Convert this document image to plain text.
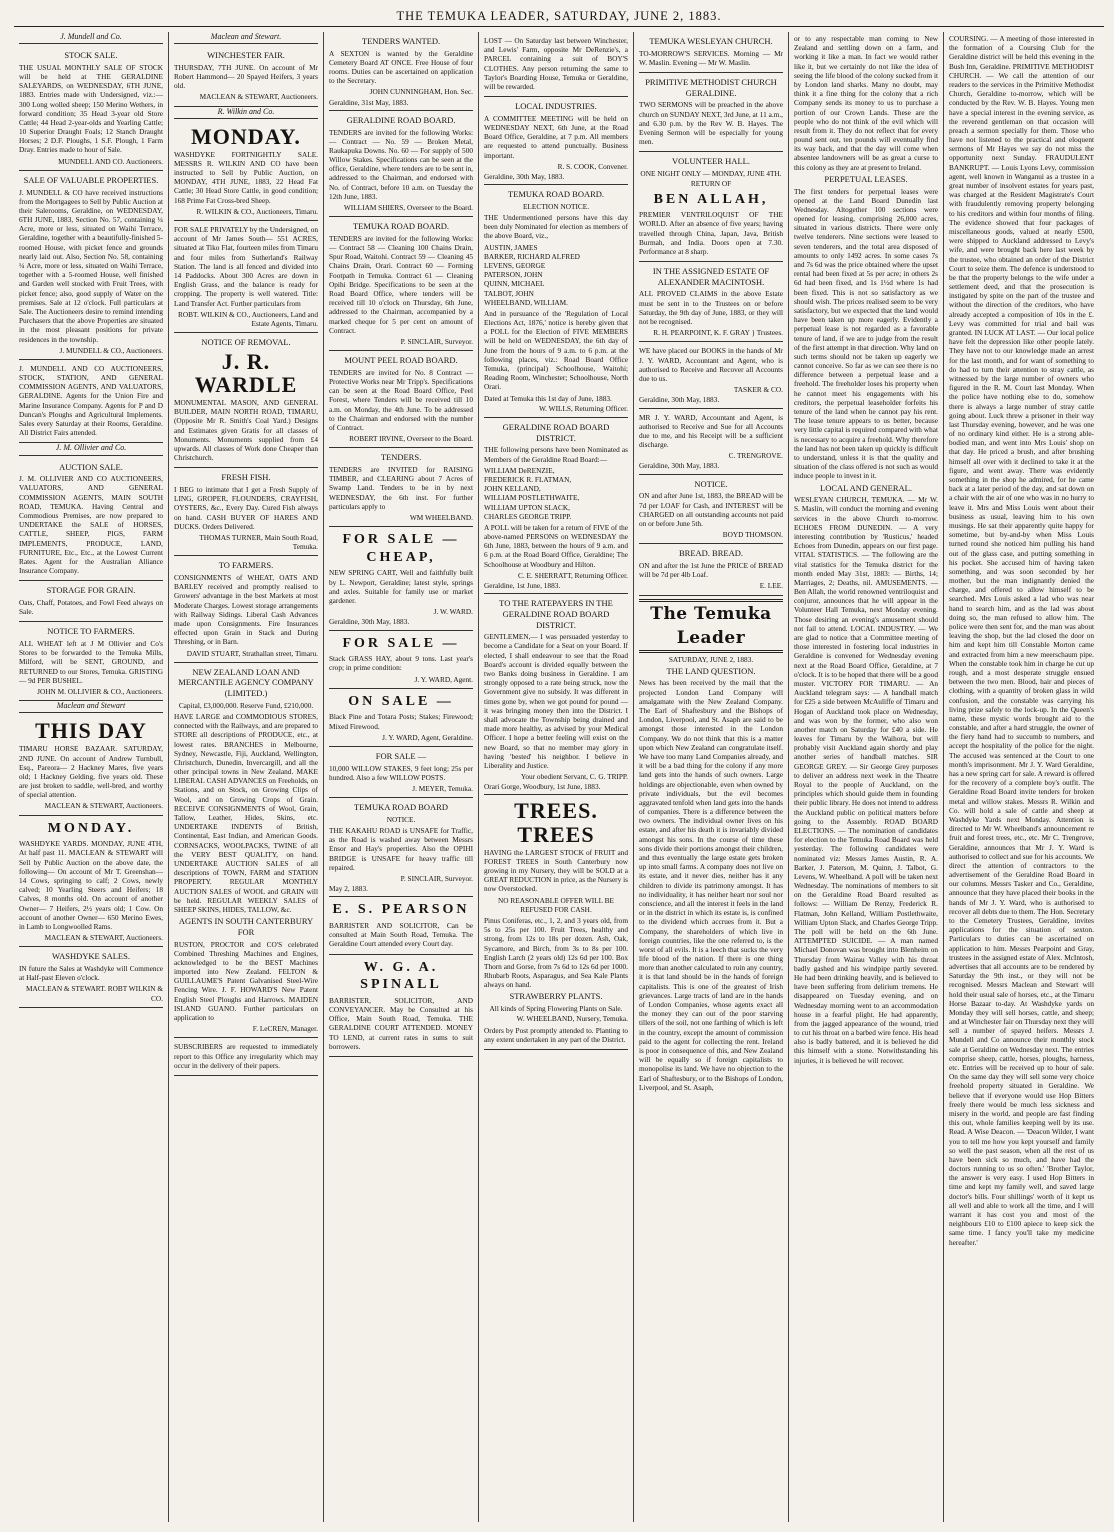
THE TEMUKA LEADER, SATURDAY, JUNE 2, 1883.
J. Mundell and Co.
STOCK SALE.
THE USUAL MONTHLY SALE OF STOCK will be held at THE GERALDINE SALEYARDS, on WEDNESDAY, 6TH JUNE, 1883. Entries made with Undersigned, viz.:— 300 Long wolled sheep; 150 Merino Wethers, in forward condition; 35 Head 3-year old Store Cattle; 44 Head 2-year-olds and Yearling Cattle; 10 Superior Draught Foals; 12 Stanch Draught Horses; 2 D.F. Ploughs, 1 S.F. Plough, 1 Farm Dray. Entries made to hour of Sale.
MUNDELL AND CO. Auctioneers.
SALE OF VALUABLE PROPERTIES.
J. MUNDELL & CO have received instructions from the Mortgagees to Sell by Public Auction at their Salerooms, Geraldine, on WEDNESDAY, 6TH JUNE, 1883, Section No. 57, containing ¼ Acre, more or less, situated on Waihi Terrace, Geraldine, together with a beautifully-finished 5-roomed House, with picket fence and grounds nearly laid out. Also, Section No. 58, containing ¼ Acre, more or less, situated on Waihi Terrace, together with a 5-roomed House, well finished and Garden well stocked with Fruit Trees, with picket fence; also, good supply of Water on the premises. Sale at 12 o'clock. Full particulars at Sale. The Auctioneers desire to remind intending Purchasers that the above Properties are situated in the most pleasant positions for private residences in the township.
J. MUNDELL & CO., Auctioneers.
J. MUNDELL AND CO AUCTIONEERS, STOCK, STATION, AND GENERAL COMMISSION AGENTS, AND VALUATORS, GERALDINE. Agents for the Union Fire and Marine Insurance Company. Agents for P and D Duncan's Ploughs and Agricultural Implements. Sales every Saturday at their Rooms, Geraldine. All District Fairs attended.
J. M. Ollivier and Co.
AUCTION SALE.
J. M. OLLIVIER AND CO AUCTIONEERS, VALUATORS, AND GENERAL COMMISSION AGENTS, MAIN SOUTH ROAD, TEMUKA. Having Central and Commodious Premises, are now prepared to UNDERTAKE the SALE of HORSES, CATTLE, SHEEP, PIGS, FARM IMPLEMENTS, PRODUCE, LAND, FURNITURE, Etc., Etc., at the Lowest Current Rates. Agent for the Australian Alliance Insurance Company.
STORAGE FOR GRAIN.
Oats, Chaff, Potatoes, and Fowl Feed always on Sale.
NOTICE TO FARMERS.
ALL WHEAT left at J M Ollivier and Co's Stores to be forwarded to the Temuka Mills, Milford, will be SENT, GROUND, and RETURNED to our Stores, Temuka. GRISTING — 9d PER BUSHEL.
JOHN M. OLLIVIER & CO., Auctioneers.
Maclean and Stewart
THIS DAY
TIMARU HORSE BAZAAR. SATURDAY, 2ND JUNE. On account of Andrew Turnbull, Esq., Pareora— 2 Hackney Mares, five years old; 1 Hackney Gelding, five years old. These are just broken to saddle, well-bred, and worthy of special attention.
MACLEAN & STEWART, Auctioneers.
MONDAY.
WASHDYKE YARDS. MONDAY, JUNE 4TH, At half past 11. MACLEAN & STEWART will Sell by Public Auction on the above date, the following— On account of Mr T. Greenshan— 14 Cows, springing to calf; 2 Cows, newly calved; 10 Yearling Steers and Heifers; 18 Calves, 8 months old. On account of another Owner— 7 Heifers, 2½ years old; 1 Cow. On account of another Owner— 650 Merino Ewes, in Lamb to Longwoolled Rams.
MACLEAN & STEWART, Auctioneers.
WASHDYKE SALES.
IN future the Sales at Washdyke will Commence at Half-past Eleven o'clock.
MACLEAN & STEWART. ROBT WILKIN & CO.
Maclean and Stewart.
WINCHESTER FAIR.
THURSDAY, 7TH JUNE. On account of Mr Robert Hammond— 20 Spayed Heifers, 3 years old.
MACLEAN & STEWART, Auctioneers.
R. Wilkin and Co.
MONDAY.
WASHDYKE FORTNIGHTLY SALE. MESSRS R. WILKIN AND CO have been instructed to Sell by Public Auction, on MONDAY, 4TH JUNE, 1883, 22 Head Fat Cattle; 30 Head Store Cattle, in good condition; 168 Prime Fat Cross-bred Sheep.
R. WILKIN & CO., Auctioneers, Timaru.
FOR SALE PRIVATELY by the Undersigned, on account of Mr James South— 551 ACRES, situated at Tiko Flat, fourteen miles from Timaru and four miles from Sutherland's Railway Station. The land is all fenced and divided into 14 Paddocks. About 300 Acres are down in English Grass, and the balance is ready for cropping. The property is well watered. Title: Land Transfer Act. Further particulars from
ROBT. WILKIN & CO., Auctioneers, Land and Estate Agents, Timaru.
NOTICE OF REMOVAL.
J. R. WARDLE
MONUMENTAL MASON, AND GENERAL BUILDER, MAIN NORTH ROAD, TIMARU, (Opposite Mr R. Smith's Coal Yard.) Designs and Estimates given Gratis for all classes of Monuments. Monuments supplied from £4 upwards. All classes of Work done Cheaper than Christchurch.
FRESH FISH.
I BEG to intimate that I get a Fresh Supply of LING, GROPER, FLOUNDERS, CRAYFISH, OYSTERS, &c., Every Day. Cured Fish always on hand. CASH BUYER OF HARES AND DUCKS. Orders Delivered.
THOMAS TURNER, Main South Road, Temuka.
TO FARMERS.
CONSIGNMENTS of WHEAT, OATS AND BARLEY received and promptly realised to Growers' advantage in the best Markets at most Moderate Charges. Lowest storage arrangements with Railway Sidings. Liberal Cash Advances made upon Consignments. Fire Insurances effected upon Grain in Stack and During Threshing, or in Barn.
DAVID STUART, Strathallan street, Timaru.
NEW ZEALAND LOAN AND MERCANTILE AGENCY COMPANY (LIMITED.)
Capital, £3,000,000. Reserve Fund, £210,000.
HAVE LARGE and COMMODIOUS STORES, connected with the Railways, and are prepared to STORE all descriptions of PRODUCE, etc., at lowest rates. BRANCHES in Melbourne, Sydney, Newcastle, Fiji, Auckland, Wellington, Christchurch, Dunedin, Invercargill, and all the other principal towns in New Zealand. MAKE LIBERAL CASH ADVANCES on Freeholds, on Stations, and on Stock, on Growing Clips of Wool, and on Growing Crops of Grain. RECEIVE CONSIGNMENTS of Wool, Grain, Tallow, Leather, Hides, Skins, etc. UNDERTAKE INDENTS of British, Continental, East Indian, and American Goods. CORNSACKS, WOOLPACKS, TWINE of all the VERY BEST QUALITY, on hand. UNDERTAKE AUCTION SALES of all descriptions of TOWN, FARM and STATION PROPERTY. REGULAR MONTHLY AUCTION SALES of WOOL and GRAIN will be held. REGULAR WEEKLY SALES of SHEEP SKINS, HIDES, TALLOW, &c.
AGENTS IN SOUTH CANTERBURY FOR
RUSTON, PROCTOR and CO'S celebrated Combined Threshing Machines and Engines, acknowledged to be the BEST Machines imported into New Zealand. FELTON & GUILLAUME'S Patent Galvanised Steel-Wire Fencing Wire. J. F. HOWARD'S New Patent English Steel Ploughs and Harrows. MAIDEN ISLAND GUANO. Further particulars on application to
F. LeCREN, Manager.
SUBSCRIBERS are requested to immediately report to this Office any irregularity which may occur in the delivery of their papers.
TENDERS WANTED.
A SEXTON is wanted by the Geraldine Cemetery Board AT ONCE. Free House of four rooms. Duties can be ascertained on application to the Secretary.
JOHN CUNNINGHAM, Hon. Sec.
Geraldine, 31st May, 1883.
GERALDINE ROAD BOARD.
TENDERS are invited for the following Works:— Contract — No. 59 — Broken Metal, Raukapuka Downs. No. 60 — For supply of 500 Willow Stakes. Specifications can be seen at the office, Geraldine, where tenders are to be sent in, addressed to the Chairman, and endorsed with No. of Contract, before 10 a.m. on Tuesday the 12th June, 1883.
WILLIAM SHIERS, Overseer to the Board.
TEMUKA ROAD BOARD.
TENDERS are invited for the following Works:— Contract 58 — Cleaning 100 Chains Drain, Spur Road, Waitohi. Contract 59 — Cleaning 45 Chains Drain, Orari. Contract 60 — Forming Footpath in Temuka. Contract 61 — Cleaning Opihi Bridge. Specifications to be seen at the Road Board Office, where tenders will be received till 10 o'clock on Thursday, 6th June, addressed to the Chairman, accompanied by a marked cheque for 5 per cent on amount of Contract.
P. SINCLAIR, Surveyor.
MOUNT PEEL ROAD BOARD.
TENDERS are invited for No. 8 Contract — Protective Works near Mr Tripp's. Specifications can be seen at the Road Board Office, Peel Forest, where Tenders will be received till 10 a.m. on Monday, the 4th June. To be addressed to the Chairman and endorsed with the number of Contract.
ROBERT IRVINE, Overseer to the Board.
TENDERS.
TENDERS are INVITED for RAISING TIMBER, and CLEARING about 7 Acres of Swamp Land. Tenders to be in by next WEDNESDAY, the 6th inst. For further particulars apply to
WM WHEELBAND.
FOR SALE — CHEAP,
NEW SPRING CART, Well and faithfully built by L. Newport, Geraldine; latest style, springs and axles. Suitable for family use or market gardener.
J. W. WARD.
Geraldine, 30th May, 1883.
FOR SALE —
Stack GRASS HAY, about 9 tons. Last year's crop; in prime condition:
J. Y. WARD, Agent.
ON SALE —
Black Pine and Totara Posts; Stakes; Firewood; Mixed Firewood.
J. Y. WARD, Agent, Geraldine.
FOR SALE —
10,000 WILLOW STAKES, 9 feet long; 25s per hundred. Also a few WILLOW POSTS.
J. MEYER, Temuka.
TEMUKA ROAD BOARD
NOTICE.
THE KAKAHU ROAD is UNSAFE for Traffic, as the Road is washed away between Messrs Ensor and Hay's properties. Also the OPIHI BRIDGE is UNSAFE for heavy traffic till repaired.
P. SINCLAIR, Surveyor.
May 2, 1883.
E. S. PEARSON
BARRISTER AND SOLICITOR, Can be consulted at Main South Road, Temuka. The Geraldine Court attended every Court day.
W. G. A. SPINALL
BARRISTER, SOLICITOR, AND CONVEYANCER. May be Consulted at his Office, Main South Road, Temuka. THE GERALDINE COURT ATTENDED. MONEY TO LEND, at current rates in sums to suit borrowers.
LOST — On Saturday last between Winchester, and Lewis' Farm, opposite Mr DeRenzie's, a PARCEL containing a suit of BOY'S CLOTHES. Any person returning the same to Taylor's Boarding House, Temuka or Geraldine, will be rewarded.
LOCAL INDUSTRIES.
A COMMITTEE MEETING will be held on WEDNESDAY NEXT, 6th June, at the Road Board Office, Geraldine, at 7 p.m. All members are requested to attend punctually. Business important.
R. S. COOK, Convener.
Geraldine, 30th May, 1883.
TEMUKA ROAD BOARD.
ELECTION NOTICE.
THE Undermentioned persons have this day been duly Nominated for election as members of the above Board, viz.,
AUSTIN, JAMES
BARKER, RICHARD ALFRED
LEVENS, GEORGE
PATERSON, JOHN
QUINN, MICHAEL
TALBOT, JOHN
WHEELBAND, WILLIAM.
And in pursuance of the 'Regulation of Local Elections Act, 1876,' notice is hereby given that a POLL for the Election of FIVE MEMBERS will be held on WEDNESDAY, the 6th day of June from the hours of 9 a.m. to 6 p.m. at the following places, viz.: Road Board Office Temuka, (principal) Schoolhouse, Waitohi; Reading Room, Winchester; Schoolhouse, North Orari.
Dated at Temuka this 1st day of June, 1883.
W. WILLS, Returning Officer.
GERALDINE ROAD BOARD DISTRICT.
THE following persons have been Nominated as Members of the Geraldine Road Board:—
WILLIAM DeRENZIE,
FREDERICK R. FLATMAN,
JOHN KELLAND,
WILLIAM POSTLETHWAITE,
WILLIAM UPTON SLACK,
CHARLES GEORGE TRIPP.
A POLL will be taken for a return of FIVE of the above-named PERSONS on WEDNESDAY the 6th June, 1883, between the hours of 9 a.m. and 6 p.m. at the Road Board Office, Geraldine; The Schoolhouse at Woodbury and Hilton.
C. E. SHERRATT, Returning Officer.
Geraldine, 1st June, 1883.
TO THE RATEPAYERS IN THE GERALDINE ROAD BOARD DISTRICT.
GENTLEMEN,— I was persuaded yesterday to become a Candidate for a Seat on your Board. If elected, I shall endeavour to see that the Road Board's account is divided equally between the two Banks doing business in Geraldine. I am strongly opposed to a rate being struck, now the Government give no subsidy. It was different in times gone by, when we got pound for pound — it was bringing money then into the District. I shall advocate the Township being drained and made more healthy, as advised by your Medical Officer. I hope a better feeling will exist on the new Board, so that no member may glory in having 'bested' his neighbor. I believe in Liberality and Justice.
Your obedient Servant, C. G. TRIPP.
Orari Gorge, Woodbury, 1st June, 1883.
TREES. TREES
HAVING the LARGEST STOCK of FRUIT and FOREST TREES in South Canterbury now growing in my Nursery, they will be SOLD at a GREAT REDUCTION in price, as the Nursery is now Overstocked.
NO REASONABLE OFFER WILL BE REFUSED FOR CASH.
Pinus Coniferas, etc., 1, 2, and 3 years old, from 5s to 25s per 100. Fruit Trees, healthy and strong, from 12s to 18s per dozen. Ash, Oak, Sycamore, and Birch, from 3s to 8s per 100. English Larch (2 years old) 12s 6d per 100. Box Thorn and Gorse, from 7s 6d to 12s 6d per 1000. Rhubarb Roots, Asparagus, and Sea Kale Plants always on hand.
STRAWBERRY PLANTS.
All kinds of Spring Flowering Plants on Sale.
W. WHEELBAND, Nursery, Temuka.
Orders by Post promptly attended to. Planting to any extent undertaken in any part of the District.
TEMUKA WESLEYAN CHURCH.
TO-MORROW'S SERVICES. Morning — Mr W. Maslin. Evening — Mr W. Maslin.
PRIMITIVE METHODIST CHURCH GERALDINE.
TWO SERMONS will be preached in the above church on SUNDAY NEXT, 3rd June, at 11 a.m., and 6.30 p.m. by the Rev W. B. Hayes. The Evening Sermon will be especially for young men.
VOLUNTEER HALL.
ONE NIGHT ONLY — MONDAY, JUNE 4TH.
RETURN OF
BEN ALLAH,
PREMIER VENTRILOQUIST OF THE WORLD. After an absence of five years; having travelled through China, Japan, Java, British Burmah, and India. Doors open at 7.30. Performance at 8 sharp.
IN THE ASSIGNED ESTATE OF ALEXANDER MACINTOSH.
ALL PROVED CLAIMS in the above Estate must be sent in to the Trustees on or before Saturday, the 9th day of June, 1883, or they will not be recognised.
R. H. PEARPOINT, K. F. GRAY } Trustees.
WE have placed our BOOKS in the hands of Mr J. Y. WARD, Accountant and Agent, who is authorised to Receive and Recover all Accounts due to us.
TASKER & CO.
Geraldine, 30th May, 1883.
MR J. Y. WARD, Accountant and Agent, is authorised to Receive and Sue for all Accounts due to me, and his Receipt will be a sufficient discharge.
C. TRENGROVE.
Geraldine, 30th May, 1883.
NOTICE.
ON and after June 1st, 1883, the BREAD will be 7d per LOAF for Cash, and INTEREST will be CHARGED on all outstanding accounts not paid on or before June 5th.
BOYD THOMSON.
BREAD. BREAD.
ON and after the 1st June the PRICE of BREAD will be 7d per 4lb Loaf.
E. LEE.
The Temuka Leader
SATURDAY, JUNE 2, 1883.
THE LAND QUESTION.
News has been received by the mail that the projected London Land Company will amalgamate with the New Zealand Company. The Earl of Shaftesbury and the Bishops of London, Liverpool, and St. Asaph are said to be amongst those interested in the London Company. We do not think that this is a matter upon which New Zealand can congratulate itself. We have too many Land Companies already, and it will be a bad thing for the colony if any more land gets into the hands of such owners. Large holdings are objectionable, even when owned by private individuals, but the evil becomes aggravated tenfold when land gets into the hands of companies. There is a difference between the two owners. The individual owner lives on his estate, and after his death it is invariably divided amongst his sons. In the course of time these sons divide their portions amongst their children, and thus eventually the large estate gets broken up into small farms. A company does not live on its estate, and it never dies, neither has it any children to divide its patrimony amongst. It has no individuality, it has neither heart nor soul nor conscience, and all the interest it feels in the land or in the district in which its estate is, is confined to the dividend which accrues from it. But a Company, the shareholders of which live in foreign countries, like the one referred to, is the worst of all evils. It is a leech that sucks the very life blood of the nation. If there is one thing more than another calculated to ruin any country, it is that land should be in the hands of foreign capitalists. This is one of the greatest of Irish grievances. Large tracts of land are in the hands of London Companies, whose agents exact all the money they can out of the poor starving tillers of the soil, not one farthing of which is left in the country, except the amount of commission paid to the agent for collecting the rent. Ireland is poor in consequence of this, and New Zealand will be equally so if foreign capitalists to monopolise its land. We have no objection to the Earl of Shaftesbury, or to the Bishops of London, Liverpool, and St. Asaph,
or to any respectable man coming to New Zealand and settling down on a farm, and working it like a man. In fact we would rather like it, but we certainly do not like the idea of seeing the life blood of the colony sucked from it by London land sharks. Many no doubt, may think it a fine thing for the colony that a rich Company sends its money to us to purchase a portion of our Crown Lands. These are the people who do not think of the evil which will result from it. They do not reflect that for every pound sent out, ten pounds will eventually find its way back, and that the day will come when absentee landowners will be as great a curse to this colony as they are at present to Ireland.
PERPETUAL LEASES.
The first tenders for perpetual leases were opened at the Land Board Dunedin last Wednesday. Altogether 100 sections were opened for leasing, comprising 26,000 acres, situated in various districts. There were only twelve tenderers. Nine sections were leased to seven tenderers, and the total area disposed of amounts to only 1492 acres. In some cases 7s and 7s 6d was the price obtained where the upset rental had been fixed at 5s per acre; in others 2s 6d had been fixed, and 1s 1½d where 1s had been fixed. This is not so satisfactory as we should wish. The prices realised seem to be very satisfactory, but we expected that the land would have been taken up more eagerly. Evidently a perpetual lease is not regarded as a favorable tenure of land, if we are to judge from the result of the first attempt in that direction. Why land on such terms should not be taken up eagerly we cannot conceive. So far as we can see there is no difference between a perpetual lease and a freehold. The freeholder loses his property when he cannot meet his engagements with his creditors, the perpetual leaseholder forfeits his tenure of the land when he cannot pay his rent. The lease tenure appears to us better, because very little capital is required compared with what is necessary to acquire a freehold. Why therefore the land has not been taken up quickly is difficult to understand, unless it is that the quality and situation of the class offered is not such as would induce people to invest in it.
LOCAL AND GENERAL.
WESLEYAN CHURCH, TEMUKA. — Mr W. S. Maslin, will conduct the morning and evening services in the above Church to-morrow. ECHOES FROM DUNEDIN. — A very interesting contribution by 'Rusticus,' headed Echoes from Dunedin, appears on our first page. VITAL STATISTICS. — The following are the vital statistics for the Temuka district for the month ended May 31st, 1883: — Births, 14; Marriages, 2; Deaths, nil. AMUSEMENTS. — Ben Allah, the world renowned ventriloquist and conjuror, announces that he will appear in the Volunteer Hall Temuka, next Monday evening. Those desiring an evening's amusement should not fail to attend. LOCAL INDUSTRY. — We are glad to notice that a Committee meeting of those interested in fostering local industries in Geraldine is convened for Wednesday evening next at the Road Board Office, Geraldine, at 7 o'clock. It is to be hoped that there will be a good muster. VICTORY FOR TIMARU. — An Auckland telegram says: — A handball match for £25 a side between McAuliffe of Timaru and Hogan of Auckland took place on Wednesday, and was won by the former, who also won another match on Saturday for £40 a side. He leaves for Timaru by the Waihora, but will probably visit Auckland again shortly and play another series of handball matches. SIR GEORGE GREY. — Sir George Grey purposes to deliver an address next week in the Theatre Royal to the people of Auckland, on the principles which should guide them in founding their public library. He does not intend to address the Auckland public on political matters before going to the Assembly. ROAD BOARD ELECTIONS. — The nomination of candidates for election to the Temuka Road Board was held yesterday. The following candidates were nominated viz: Messrs James Austin, R. A. Barker, J. Paterson, M. Quinn, J. Talbot, G. Levens, W. Wheelband. A poll will be taken next Wednesday. The nominations of members to sit on the Geraldine Road Board resulted as follows: — William De Renzy, Frederick R. Flatman, John Kelland, William Postlethwaite, William Upton Slack, and Charles George Tripp. The poll will be held on the 6th June. ATTEMPTED SUICIDE. — A man named Michael Donovan was brought into Blenheim on Thursday from Wairau Valley with his throat badly gashed and his windpipe partly severed. He had been drinking heavily, and is believed to have been suffering from delirium tremens. He disappeared on Tuesday evening, and on Wednesday morning went to an accommodation house in a fearful plight. He had apparently, from the jagged appearance of the wound, tried to cut his throat on a barbed wire fence. His head also is badly battered, and it is believed he did this himself with a stone. Notwithstanding his injuries, it is believed he will recover.
COURSING. — A meeting of those interested in the formation of a Coursing Club for the Geraldine district will be held this evening in the Bush Inn, Geraldine. PRIMITIVE METHODIST CHURCH. — We call the attention of our readers to the services in the Primitive Methodist Church, Geraldine to-morrow, which will be conducted by the Rev. W. B. Hayes. Young men have a special interest in the evening service, as the reverend gentleman on that occasion will preach a sermon specially for them. Those who have not listened to the practical and eloquent sermons of Mr Hayes we say do not miss the opportunity next Sunday. FRAUDULENT BANKRUPT. — Louis Lyons Levy, commission agent, well known in Wanganui as a trustee in a great number of insolvent estates for years past, was charged at the Resident Magistrate's Court with fraudulently removing property belonging to his creditors and within four months of filing. The evidence showed that four packages of miscellaneous goods, valued at nearly £500, were shipped to Auckland addressed to Levy's wife, and were brought back here last week by the trustee, who obtained an order of the District Court to seize them. The defence is understood to be that the property belongs to the wife under a settlement deed, and that the prosecution is instigated by spite on the part of the trustee and without the direction of the creditors, who have already accepted a composition of 10s in the £. Levy was committed for trial and bail was granted. IN LUCK AT LAST. — Our local police have felt the depression like other people lately. They have not to our knowledge made an arrest for the last month, and for want of something to do had to turn their attention to stray cattle, as witnessed by the large number of owners who figured in the R. M. Court last Monday. When the police have nothing else to do, somehow there is always a large number of stray cattle going about. Luck threw a prisoner in their way last Thursday evening, however, and he was one of no ordinary kind either. He is a strong able-bodied man, and went into Mrs Louis' shop on that day. He priced a brush, and after brushing himself all over with it declined to take it at the figure, and went away. There was evidently something in the shop he admired, for he came back at a later period of the day, and sat down on a chair with the air of one who was in no hurry to leave it. Mrs and Miss Louis went about their business as usual, leaving him to his own musings. He sat their apparently quite happy for sometime, but by-and-by when Miss Louis turned round she noticed him pulling his hand out of the glass case, and putting something in his pocket. She accused him of having taken something, and was soon seconded by her mother, but the man indignantly denied the charge, and offered to allow himself to be searched. Mrs Louis asked a lad who was near hand to search him, and as the lad was about doing so, the man refused to allow him. The police were then sent for, and the man was about leaving the shop, but the lad closed the door on him and kept him till Constable Morton came and extracted from him a new meerschaum pipe. When the constable took him in charge he cut up rough, and a most desperate struggle ensued between the two men. Blood, hair and pieces of clothing, with a quantity of broken glass in wild confusion, and the constable was carrying his living prize safely to the lock-up. In the Queen's name, these mystic words brought aid to the constable, and after a hard struggle, the owner of the fiery hand had to succumb to numbers, and accept the hospitality of the police for the night. The accused was sentenced at the Court to one month's imprisonment. Mr J. Y. Ward Geraldine, has a new spring cart for sale. A reward is offered for the recovery of a complete boy's outfit. The Geraldine Road Board invite tenders for broken metal and willow stakes. Messrs R. Wilkin and Co. will hold a sale of cattle and sheep at Washdyke Yards next Monday. Attention is directed to Mr W. Wheelband's announcement re fruit and forest trees, etc., etc. Mr C. Trengrove, Geraldine, announces that Mr J. Y. Ward is authorised to collect and sue for his accounts. We direct the attention of contractors to the advertisement of the Geraldine Road Board in our columns. Messrs Tasker and Co., Geraldine, announce that they have placed their books in the hands of Mr J. Y. Ward, who is authorised to recover all debts due to them. The Hon. Secretary to the Cemetery Trustees, Geraldine, invites applications for the situation of sexton. Particulars to duties can be ascertained on application to him. Messrs Pearpoint and Gray, trustees in the assigned estate of Alex. McIntosh, advertises that all accounts are to be rendered by Saturday the 9th inst., or they will not be recognised. Messrs Maclean and Stewart will hold their usual sale of horses, etc., at the Timaru Horse Bazaar to-day. At Washdyke yards on Monday they will sell horses, cattle, and sheep; and at Winchester fair on Thursday next they will sell a number of spayed heifers. Messrs J. Mundell and Co announce their monthly stock sale at Geraldine on Wednesday next. The entries comprise sheep, cattle, horses, ploughs, harness, etc. Entries will be received up to hour of sale. On the same day they will sell some very choice freehold property situated in Geraldine. We believe that if everyone would use Hop Bitters freely there would be much less sickness and misery in the world, and people are fast finding this out, whole families keeping well by its use. Read. A Wise Deacon. — 'Deacon Wilder, I want you to tell me how you kept yourself and family so well the past season, when all the rest of us have been sick so much, and have had the doctors running to us so often.' 'Brother Taylor, the answer is very easy. I used Hop Bitters in time and kept my family well, and saved large doctor's bills. Four shillings' worth of it kept us all well and able to work all the time, and I will warrant it has cost you and most of the neighbours £10 to £100 apiece to keep sick the same time. I fancy you'll take my medicine hereafter.'
